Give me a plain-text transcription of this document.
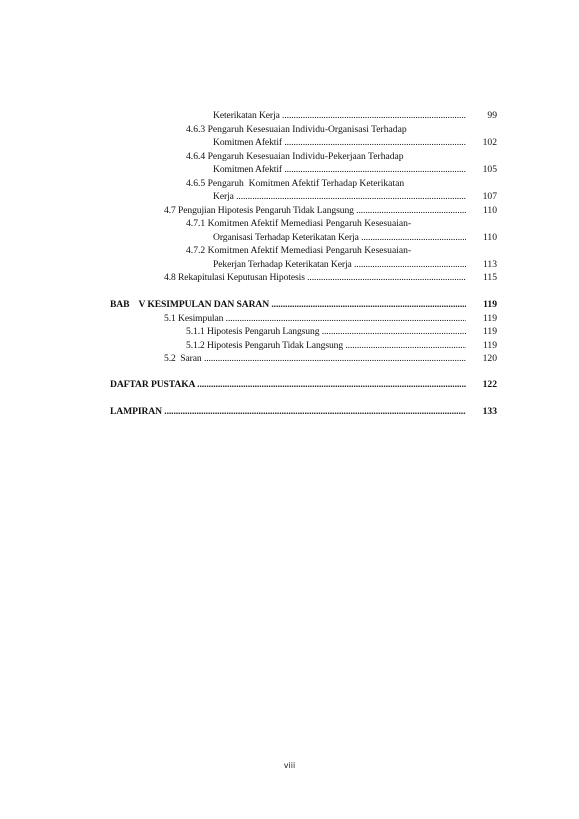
Keterikatan Kerja .....	99
4.6.3 Pengaruh Kesesuaian Individu-Organisasi Terhadap
Komitmen Afektif .....	102
4.6.4 Pengaruh Kesesuaian Individu-Pekerjaan Terhadap
Komitmen Afektif .....	105
4.6.5 Pengaruh  Komitmen Afektif Terhadap Keterikatan
Kerja .....	107
4.7 Pengujian Hipotesis Pengaruh Tidak Langsung .....	110
4.7.1 Komitmen Afektif Memediasi Pengaruh Kesesuaian-
Organisasi Terhadap Keterikatan Kerja .....	110
4.7.2 Komitmen Afektif Memediasi Pengaruh Kesesuaian-
Pekerjan Terhadap Keterikatan Kerja .....	113
4.8 Rekapitulasi Keputusan Hipotesis .....	115
BAB    V KESIMPULAN DAN SARAN .....	119
5.1 Kesimpulan .....	119
5.1.1 Hipotesis Pengaruh Langsung .....	119
5.1.2 Hipotesis Pengaruh Tidak Langsung .....	119
5.2  Saran .....	120
DAFTAR PUSTAKA .....	122
LAMPIRAN .....	133
viii
